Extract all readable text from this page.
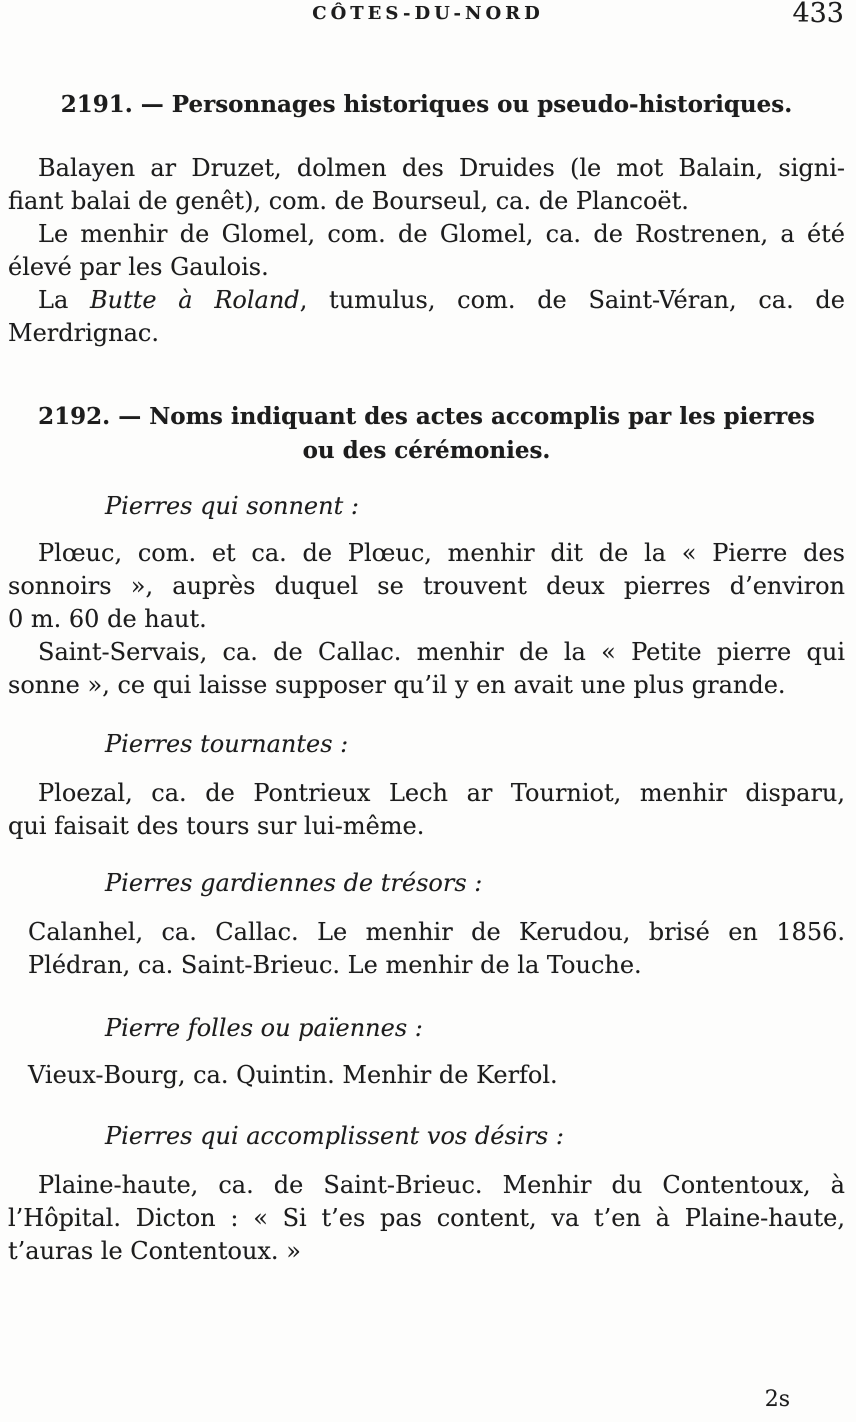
CÔTES-DU-NORD	433
2191. — Personnages historiques ou pseudo-historiques.
Balayen ar Druzet, dolmen des Druides (le mot Balain, signi-
fiant balai de genêt), com. de Bourseul, ca. de Plancoët.
Le menhir de Glomel, com. de Glomel, ca. de Rostrenen, a été
élevé par les Gaulois.
La Butte à Roland, tumulus, com. de Saint-Véran, ca. de
Merdrignac.
2192. — Noms indiquant des actes accomplis par les pierres
ou des cérémonies.
Pierres qui sonnent :
Plœuc, com. et ca. de Plœuc, menhir dit de la « Pierre des
sonnoirs », auprès duquel se trouvent deux pierres d’environ
0 m. 60 de haut.
Saint-Servais, ca. de Callac. menhir de la « Petite pierre qui
sonne », ce qui laisse supposer qu’il y en avait une plus grande.
Pierres tournantes :
Ploezal, ca. de Pontrieux Lech ar Tourniot, menhir disparu,
qui faisait des tours sur lui-même.
Pierres gardiennes de trésors :
Calanhel, ca. Callac. Le menhir de Kerudou, brisé en 1856.
Plédran, ca. Saint-Brieuc. Le menhir de la Touche.
Pierre folles ou païennes :
Vieux-Bourg, ca. Quintin. Menhir de Kerfol.
Pierres qui accomplissent vos désirs :
Plaine-haute, ca. de Saint-Brieuc. Menhir du Contentoux, à
l’Hôpital. Dicton : « Si t’es pas content, va t’en à Plaine-haute,
t’auras le Contentoux. »
2s
